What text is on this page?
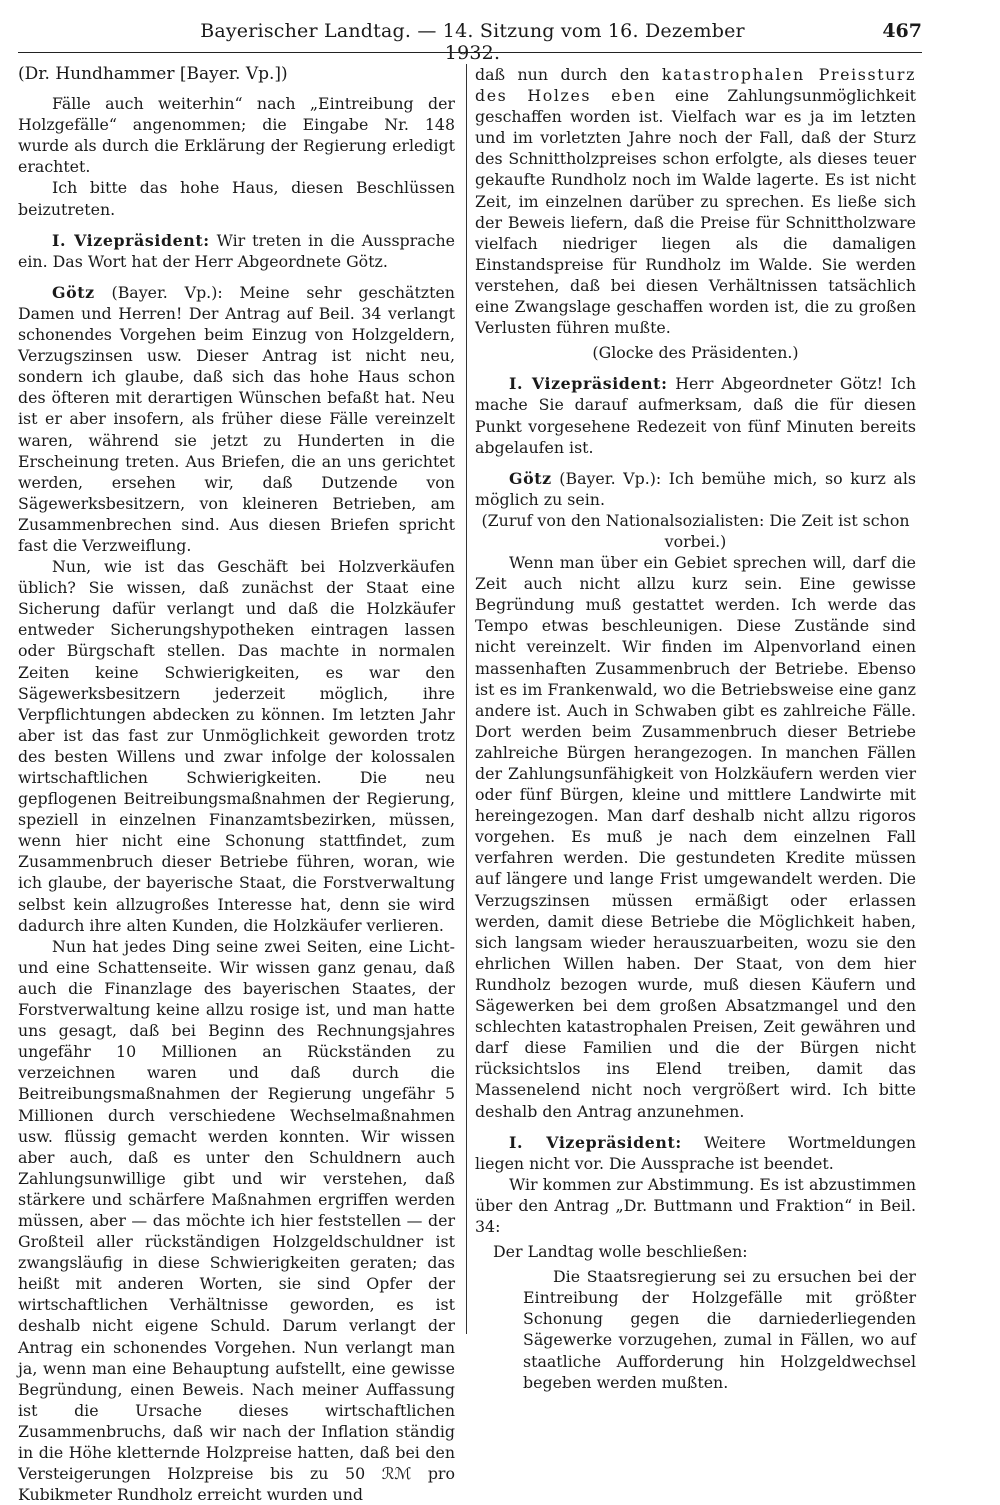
Bayerischer Landtag. — 14. Sitzung vom 16. Dezember 1932.
467

(Dr. Hundhammer [Bayer. Vp.])

Fälle auch weiterhin“ nach „Eintreibung der Holzgefälle“ angenommen; die Eingabe Nr. 148 wurde als durch die Erklärung der Regierung erledigt erachtet.

Ich bitte das hohe Haus, diesen Beschlüssen beizutreten.

I. Vizepräsident: Wir treten in die Aussprache ein. Das Wort hat der Herr Abgeordnete Götz.

Götz (Bayer. Vp.): Meine sehr geschätzten Damen und Herren! Der Antrag auf Beil. 34 verlangt schonendes Vorgehen beim Einzug von Holzgeldern, Verzugszinsen usw. Dieser Antrag ist nicht neu, sondern ich glaube, daß sich das hohe Haus schon des öfteren mit derartigen Wünschen befaßt hat. Neu ist er aber insofern, als früher diese Fälle vereinzelt waren, während sie jetzt zu Hunderten in die Erscheinung treten. Aus Briefen, die an uns gerichtet werden, ersehen wir, daß Dutzende von Sägewerksbesitzern, von kleineren Betrieben, am Zusammenbrechen sind. Aus diesen Briefen spricht fast die Verzweiflung.

Nun, wie ist das Geschäft bei Holzverkäufen üblich? Sie wissen, daß zunächst der Staat eine Sicherung dafür verlangt und daß die Holzkäufer entweder Sicherungshypotheken eintragen lassen oder Bürgschaft stellen. Das machte in normalen Zeiten keine Schwierigkeiten, es war den Sägewerksbesitzern jederzeit möglich, ihre Verpflichtungen abdecken zu können. Im letzten Jahr aber ist das fast zur Unmöglichkeit geworden trotz des besten Willens und zwar infolge der kolossalen wirtschaftlichen Schwierigkeiten. Die neu gepflogenen Beitreibungsmaßnahmen der Regierung, speziell in einzelnen Finanzamtsbezirken, müssen, wenn hier nicht eine Schonung stattfindet, zum Zusammenbruch dieser Betriebe führen, woran, wie ich glaube, der bayerische Staat, die Forstverwaltung selbst kein allzugroßes Interesse hat, denn sie wird dadurch ihre alten Kunden, die Holzkäufer verlieren.

Nun hat jedes Ding seine zwei Seiten, eine Licht- und eine Schattenseite. Wir wissen ganz genau, daß auch die Finanzlage des bayerischen Staates, der Forstverwaltung keine allzu rosige ist, und man hatte uns gesagt, daß bei Beginn des Rechnungsjahres ungefähr 10 Millionen an Rückständen zu verzeichnen waren und daß durch die Beitreibungsmaßnahmen der Regierung ungefähr 5 Millionen durch verschiedene Wechselmaßnahmen usw. flüssig gemacht werden konnten. Wir wissen aber auch, daß es unter den Schuldnern auch Zahlungsunwillige gibt und wir verstehen, daß stärkere und schärfere Maßnahmen ergriffen werden müssen, aber — das möchte ich hier feststellen — der Großteil aller rückständigen Holzgeldschuldner ist zwangsläufig in diese Schwierigkeiten geraten; das heißt mit anderen Worten, sie sind Opfer der wirtschaftlichen Verhältnisse geworden, es ist deshalb nicht eigene Schuld. Darum verlangt der Antrag ein schonendes Vorgehen. Nun verlangt man ja, wenn man eine Behauptung aufstellt, eine gewisse Begründung, einen Beweis. Nach meiner Auffassung ist die Ursache dieses wirtschaftlichen Zusammenbruchs, daß wir nach der Inflation ständig in die Höhe kletternde Holzpreise hatten, daß bei den Versteigerungen Holzpreise bis zu 50 ℛℳ pro Kubikmeter Rundholz erreicht wurden und

daß nun durch den katastrophalen Preissturz des Holzes eben eine Zahlungsunmöglichkeit geschaffen worden ist. Vielfach war es ja im letzten und im vorletzten Jahre noch der Fall, daß der Sturz des Schnittholzpreises schon erfolgte, als dieses teuer gekaufte Rundholz noch im Walde lagerte. Es ist nicht Zeit, im einzelnen darüber zu sprechen. Es ließe sich der Beweis liefern, daß die Preise für Schnittholzware vielfach niedriger liegen als die damaligen Einstandspreise für Rundholz im Walde. Sie werden verstehen, daß bei diesen Verhältnissen tatsächlich eine Zwangslage geschaffen worden ist, die zu großen Verlusten führen mußte.

(Glocke des Präsidenten.)

I. Vizepräsident: Herr Abgeordneter Götz! Ich mache Sie darauf aufmerksam, daß die für diesen Punkt vorgesehene Redezeit von fünf Minuten bereits abgelaufen ist.

Götz (Bayer. Vp.): Ich bemühe mich, so kurz als möglich zu sein.

(Zuruf von den Nationalsozialisten: Die Zeit ist schon vorbei.)

Wenn man über ein Gebiet sprechen will, darf die Zeit auch nicht allzu kurz sein. Eine gewisse Begründung muß gestattet werden. Ich werde das Tempo etwas beschleunigen. Diese Zustände sind nicht vereinzelt. Wir finden im Alpenvorland einen massenhaften Zusammenbruch der Betriebe. Ebenso ist es im Frankenwald, wo die Betriebsweise eine ganz andere ist. Auch in Schwaben gibt es zahlreiche Fälle. Dort werden beim Zusammenbruch dieser Betriebe zahlreiche Bürgen herangezogen. In manchen Fällen der Zahlungsunfähigkeit von Holzkäufern werden vier oder fünf Bürgen, kleine und mittlere Landwirte mit hereingezogen. Man darf deshalb nicht allzu rigoros vorgehen. Es muß je nach dem einzelnen Fall verfahren werden. Die gestundeten Kredite müssen auf längere und lange Frist umgewandelt werden. Die Verzugszinsen müssen ermäßigt oder erlassen werden, damit diese Betriebe die Möglichkeit haben, sich langsam wieder herauszuarbeiten, wozu sie den ehrlichen Willen haben. Der Staat, von dem hier Rundholz bezogen wurde, muß diesen Käufern und Sägewerken bei dem großen Absatzmangel und den schlechten katastrophalen Preisen, Zeit gewähren und darf diese Familien und die der Bürgen nicht rücksichtslos ins Elend treiben, damit das Massenelend nicht noch vergrößert wird. Ich bitte deshalb den Antrag anzunehmen.

I. Vizepräsident: Weitere Wortmeldungen liegen nicht vor. Die Aussprache ist beendet.

Wir kommen zur Abstimmung. Es ist abzustimmen über den Antrag „Dr. Buttmann und Fraktion“ in Beil. 34:

Der Landtag wolle beschließen:

Die Staatsregierung sei zu ersuchen bei der Eintreibung der Holzgefälle mit größter Schonung gegen die darniederliegenden Sägewerke vorzugehen, zumal in Fällen, wo auf staatliche Aufforderung hin Holzgeldwechsel begeben werden mußten.
